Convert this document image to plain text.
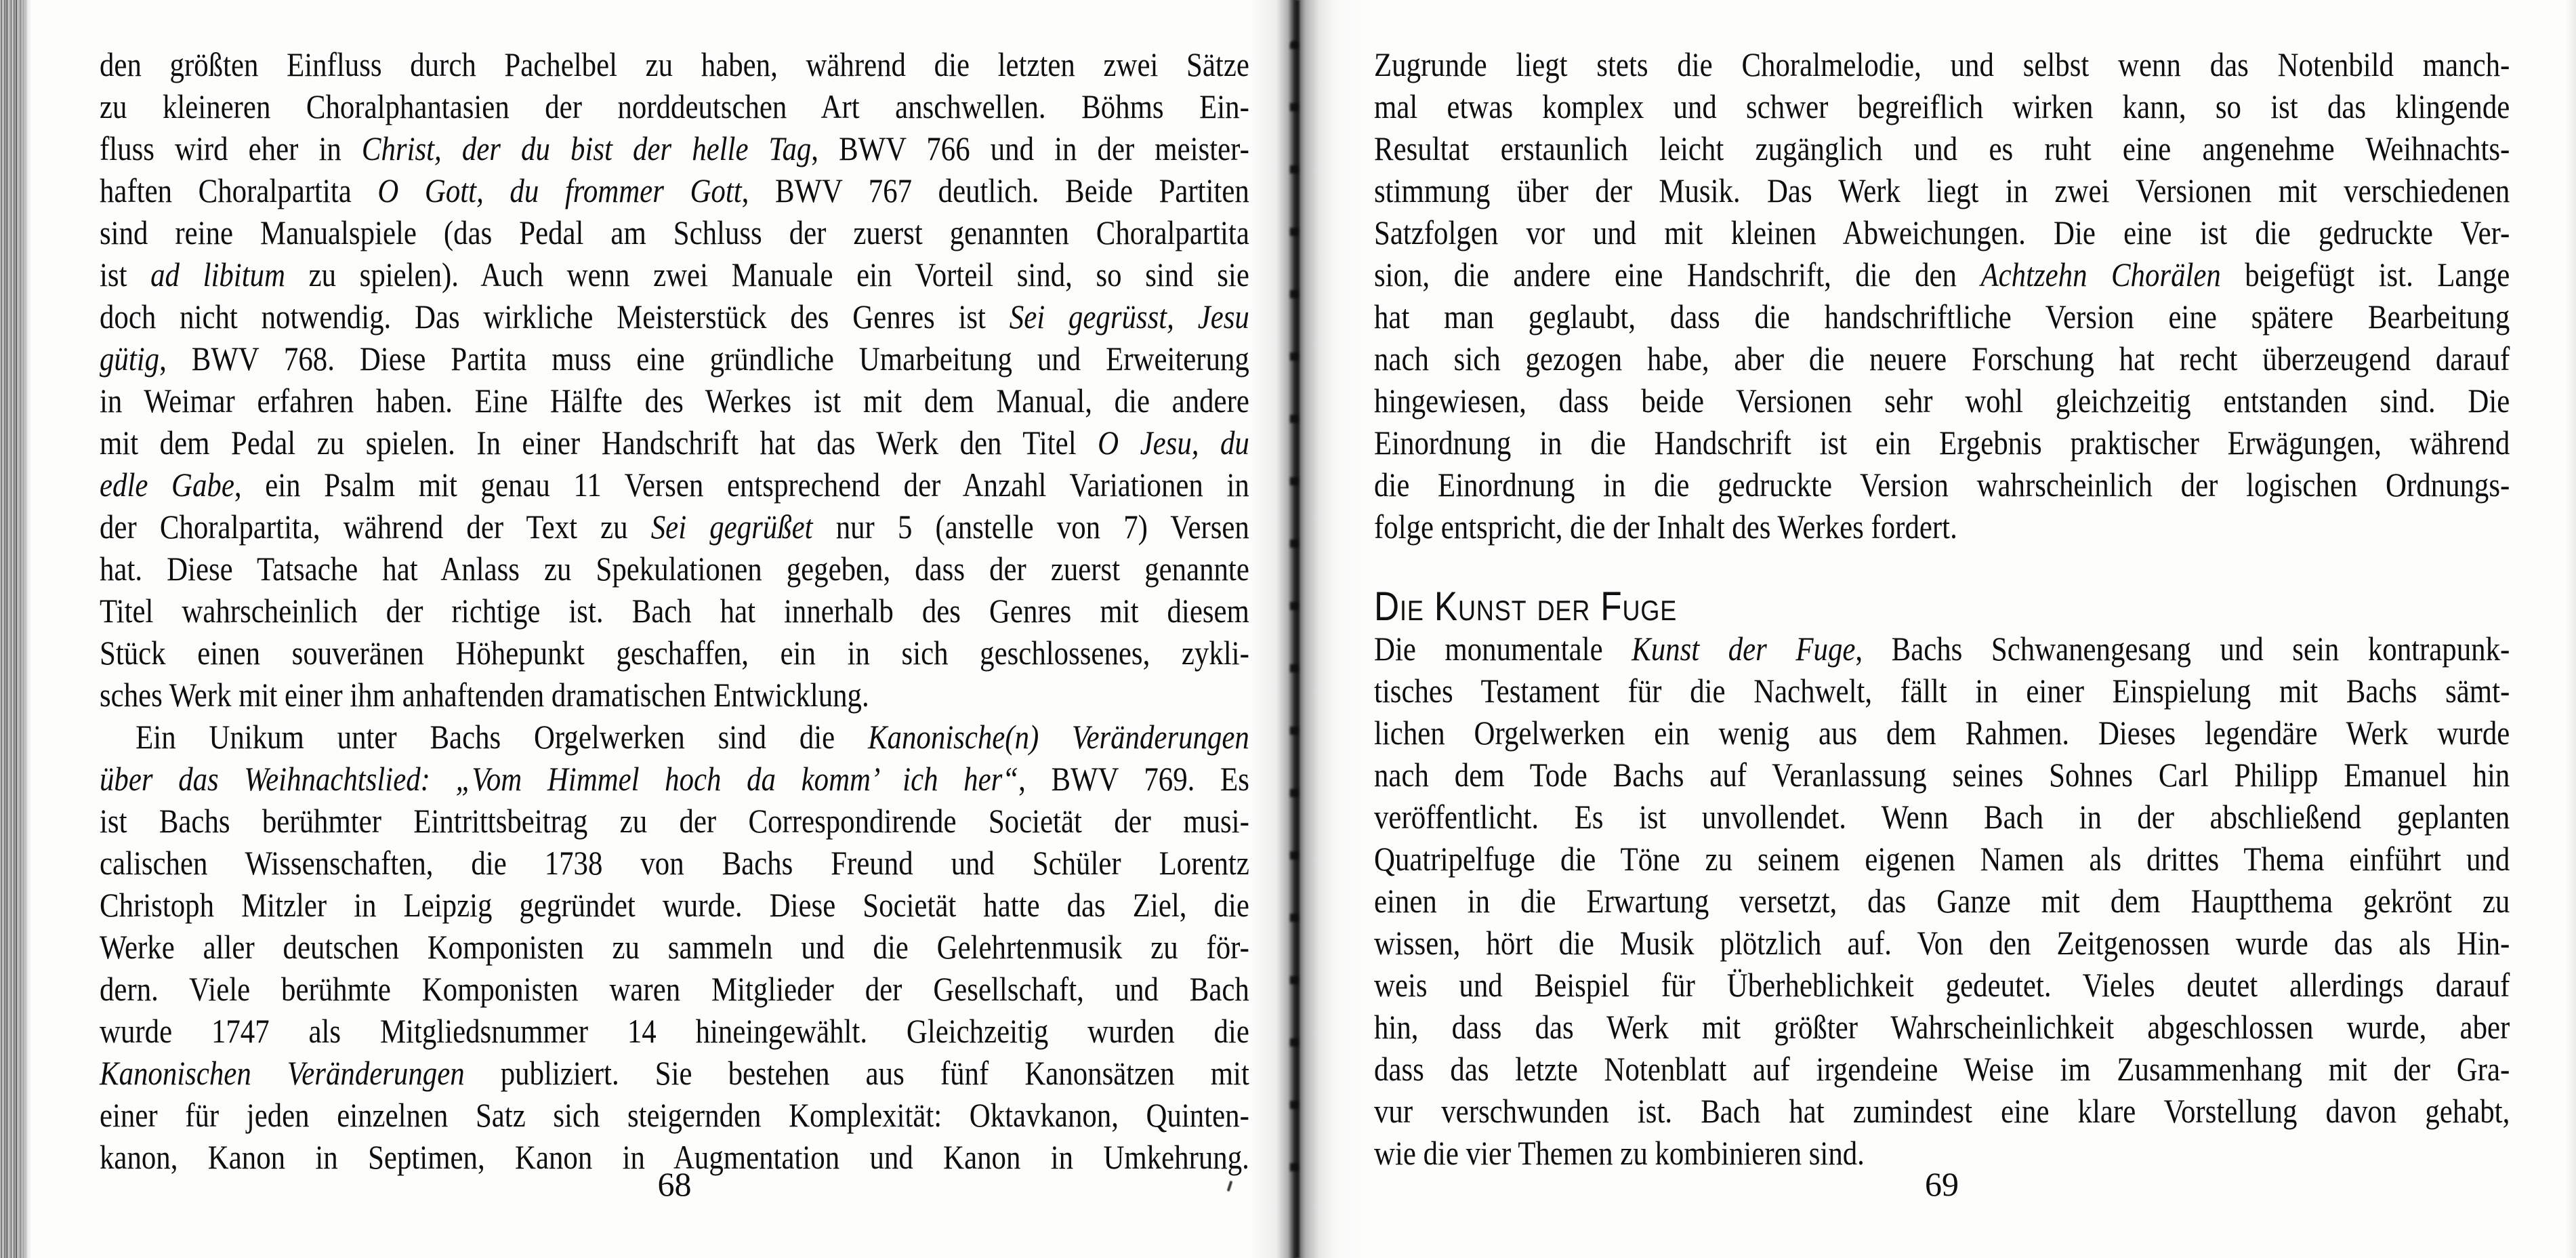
den größten Einfluss durch Pachelbel zu haben, während die letzten zwei Sätze
zu kleineren Choralphantasien der norddeutschen Art anschwellen. Böhms Ein-
fluss wird eher in Christ, der du bist der helle Tag, BWV 766 und in der meister-
haften Choralpartita O Gott, du frommer Gott, BWV 767 deutlich. Beide Partiten
sind reine Manualspiele (das Pedal am Schluss der zuerst genannten Choralpartita
ist ad libitum zu spielen). Auch wenn zwei Manuale ein Vorteil sind, so sind sie
doch nicht notwendig. Das wirkliche Meisterstück des Genres ist Sei gegrüsst, Jesu
gütig, BWV 768. Diese Partita muss eine gründliche Umarbeitung und Erweiterung
in Weimar erfahren haben. Eine Hälfte des Werkes ist mit dem Manual, die andere
mit dem Pedal zu spielen. In einer Handschrift hat das Werk den Titel O Jesu, du
edle Gabe, ein Psalm mit genau 11 Versen entsprechend der Anzahl Variationen in
der Choralpartita, während der Text zu Sei gegrüßet nur 5 (anstelle von 7) Versen
hat. Diese Tatsache hat Anlass zu Spekulationen gegeben, dass der zuerst genannte
Titel wahrscheinlich der richtige ist. Bach hat innerhalb des Genres mit diesem
Stück einen souveränen Höhepunkt geschaffen, ein in sich geschlossenes, zykli-
sches Werk mit einer ihm anhaftenden dramatischen Entwicklung.
Ein Unikum unter Bachs Orgelwerken sind die Kanonische(n) Veränderungen
über das Weihnachtslied: „Vom Himmel hoch da komm’ ich her“, BWV 769. Es
ist Bachs berühmter Eintrittsbeitrag zu der Correspondirende Societät der musi-
calischen Wissenschaften, die 1738 von Bachs Freund und Schüler Lorentz
Christoph Mitzler in Leipzig gegründet wurde. Diese Societät hatte das Ziel, die
Werke aller deutschen Komponisten zu sammeln und die Gelehrtenmusik zu för-
dern. Viele berühmte Komponisten waren Mitglieder der Gesellschaft, und Bach
wurde 1747 als Mitgliedsnummer 14 hineingewählt. Gleichzeitig wurden die
Kanonischen Veränderungen publiziert. Sie bestehen aus fünf Kanonsätzen mit
einer für jeden einzelnen Satz sich steigernden Komplexität: Oktavkanon, Quinten-
kanon, Kanon in Septimen, Kanon in Augmentation und Kanon in Umkehrung.
68
Zugrunde liegt stets die Choralmelodie, und selbst wenn das Notenbild manch-
mal etwas komplex und schwer begreiflich wirken kann, so ist das klingende
Resultat erstaunlich leicht zugänglich und es ruht eine angenehme Weihnachts-
stimmung über der Musik. Das Werk liegt in zwei Versionen mit verschiedenen
Satzfolgen vor und mit kleinen Abweichungen. Die eine ist die gedruckte Ver-
sion, die andere eine Handschrift, die den Achtzehn Chorälen beigefügt ist. Lange
hat man geglaubt, dass die handschriftliche Version eine spätere Bearbeitung
nach sich gezogen habe, aber die neuere Forschung hat recht überzeugend darauf
hingewiesen, dass beide Versionen sehr wohl gleichzeitig entstanden sind. Die
Einordnung in die Handschrift ist ein Ergebnis praktischer Erwägungen, während
die Einordnung in die gedruckte Version wahrscheinlich der logischen Ordnungs-
folge entspricht, die der Inhalt des Werkes fordert.
Die Kunst der Fuge
Die monumentale Kunst der Fuge, Bachs Schwanengesang und sein kontrapunk-
tisches Testament für die Nachwelt, fällt in einer Einspielung mit Bachs sämt-
lichen Orgelwerken ein wenig aus dem Rahmen. Dieses legendäre Werk wurde
nach dem Tode Bachs auf Veranlassung seines Sohnes Carl Philipp Emanuel hin
veröffentlicht. Es ist unvollendet. Wenn Bach in der abschließend geplanten
Quatripelfuge die Töne zu seinem eigenen Namen als drittes Thema einführt und
einen in die Erwartung versetzt, das Ganze mit dem Hauptthema gekrönt zu
wissen, hört die Musik plötzlich auf. Von den Zeitgenossen wurde das als Hin-
weis und Beispiel für Überheblichkeit gedeutet. Vieles deutet allerdings darauf
hin, dass das Werk mit größter Wahrscheinlichkeit abgeschlossen wurde, aber
dass das letzte Notenblatt auf irgendeine Weise im Zusammenhang mit der Gra-
vur verschwunden ist. Bach hat zumindest eine klare Vorstellung davon gehabt,
wie die vier Themen zu kombinieren sind.
69
